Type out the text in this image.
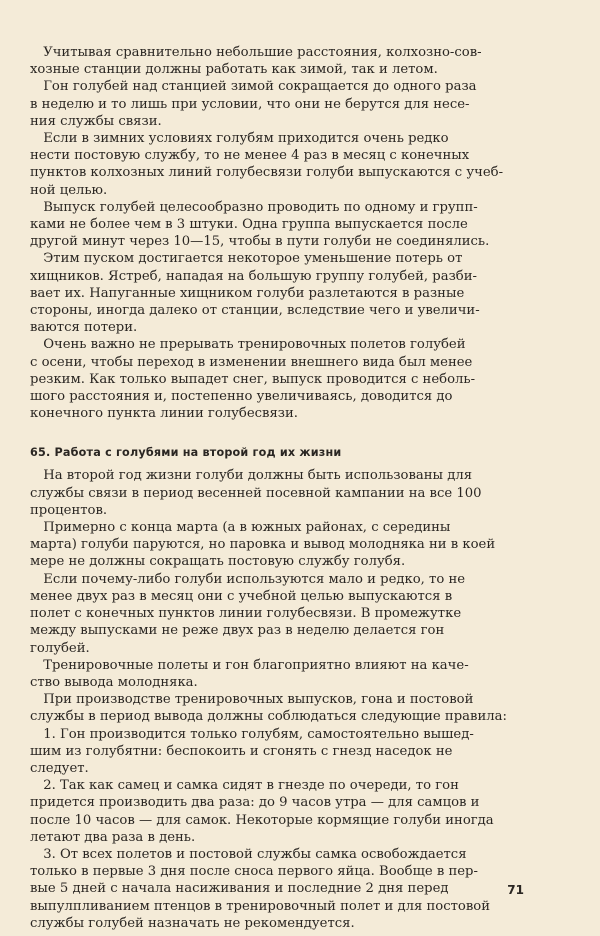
 Учитывая сравнительно небольшие расстояния, колхозно-сов-
хозные станции должны работать как зимой, так и летом.
 Гон голубей над станцией зимой сокращается до одного раза
в неделю и то лишь при условии, что они не берутся для несе-
ния службы связи.
 Если в зимних условиях голубям приходится очень редко
нести постовую службу, то не менее 4 раз в месяц с конечных
пунктов колхозных линий голубесвязи голуби выпускаются с учеб-
ной целью.
 Выпуск голубей целесообразно проводить по одному и групп-
ками не более чем в 3 штуки. Одна группа выпускается после
другой минут через 10—15, чтобы в пути голуби не соединялись.
 Этим пуском достигается некоторое уменьшение потерь от
хищников. Ястреб, нападая на большую группу голубей, разби-
вает их. Напуганные хищником голуби разлетаются в разные
стороны, иногда далеко от станции, вследствие чего и увеличи-
ваются потери.
 Очень важно не прерывать тренировочных полетов голубей
с осени, чтобы переход в изменении внешнего вида был менее
резким. Как только выпадет снег, выпуск проводится с неболь-
шого расстояния и, постепенно увеличиваясь, доводится до
конечного пункта линии голубесвязи.
65. Работа с голубями на второй год их жизни
 На второй год жизни голуби должны быть использованы для
службы связи в период весенней посевной кампании на все 100
процентов.
 Примерно с конца марта (а в южных районах, с середины
марта) голуби паруются, но паровка и вывод молодняка ни в коей
мере не должны сокращать постовую службу голубя.
 Если почему-либо голуби используются мало и редко, то не
менее двух раз в месяц они с учебной целью выпускаются в
полет с конечных пунктов линии голубесвязи. В промежутке
между выпусками не реже двух раз в неделю делается гон
голубей.
 Тренировочные полеты и гон благоприятно влияют на каче-
ство вывода молодняка.
 При производстве тренировочных выпусков, гона и постовой
службы в период вывода должны соблюдаться следующие правила:
 1. Гон производится только голубям, самостоятельно вышед-
шим из голубятни: беспокоить и сгонять с гнезд наседок не
следует.
 2. Так как самец и самка сидят в гнезде по очереди, то гон
придется производить два раза: до 9 часов утра — для самцов и
после 10 часов — для самок. Некоторые кормящие голуби иногда
летают два раза в день.
 3. От всех полетов и постовой службы самка освобождается
только в первые 3 дня после сноса первого яйца. Вообще в пер-
вые 5 дней с начала насиживания и последние 2 дня перед
выпулпливанием птенцов в тренировочный полет и для постовой
службы голубей назначать не рекомендуется.
71
